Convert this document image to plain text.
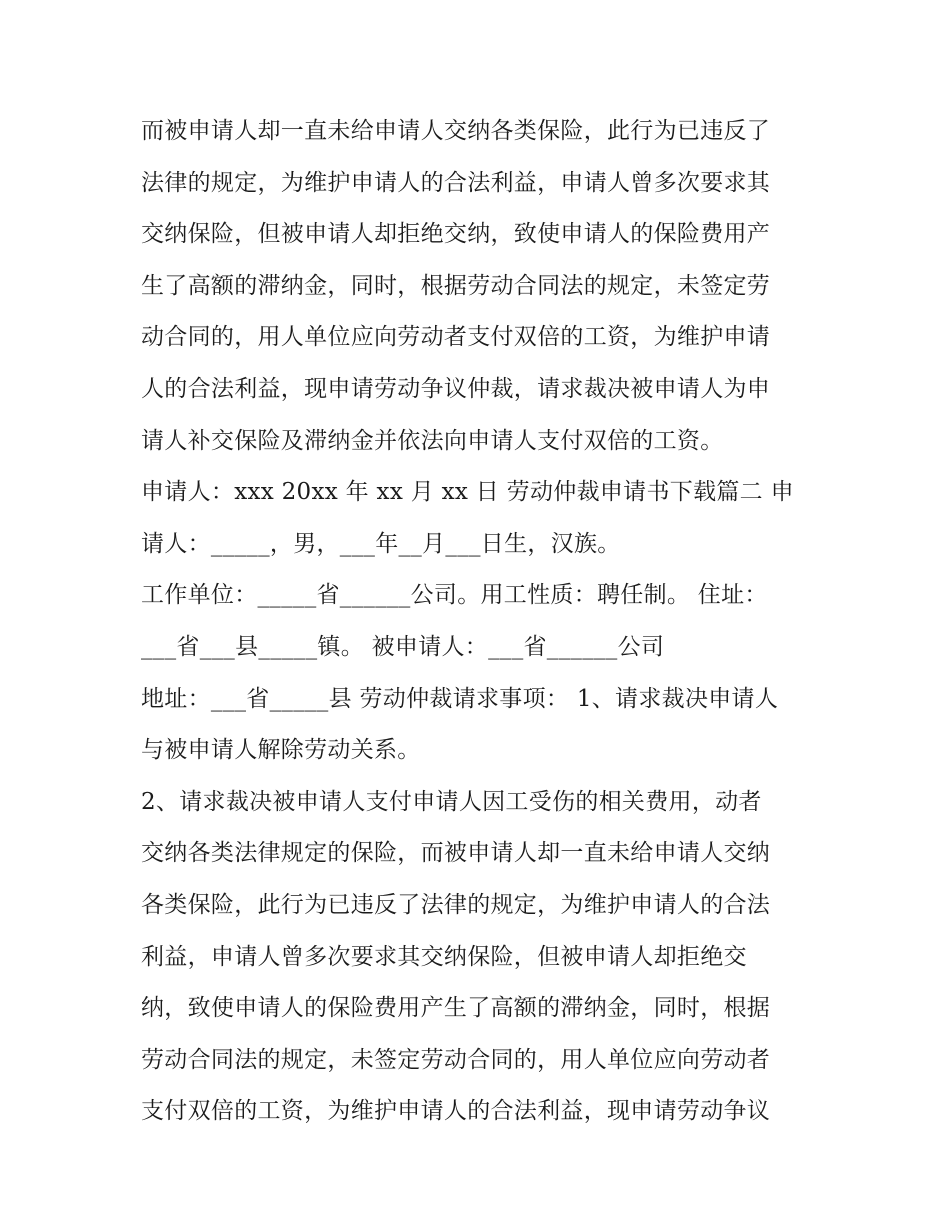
而被申请人却一直未给申请人交纳各类保险，此行为已违反了
法律的规定，为维护申请人的合法利益，申请人曾多次要求其
交纳保险，但被申请人却拒绝交纳，致使申请人的保险费用产
生了高额的滞纳金，同时，根据劳动合同法的规定，未签定劳
动合同的，用人单位应向劳动者支付双倍的工资，为维护申请
人的合法利益，现申请劳动争议仲裁，请求裁决被申请人为申
请人补交保险及滞纳金并依法向申请人支付双倍的工资。
申请人：xxx 20xx 年 xx 月 xx 日 劳动仲裁申请书下载篇二 申
请人：_____，男，___年__月___日生，汉族。
工作单位：_____省______公司。用工性质：聘任制。 住址：
___省___县_____镇。 被申请人：___省______公司
地址：___省_____县 劳动仲裁请求事项： 1、请求裁决申请人
与被申请人解除劳动关系。
2、请求裁决被申请人支付申请人因工受伤的相关费用，动者
交纳各类法律规定的保险，而被申请人却一直未给申请人交纳
各类保险，此行为已违反了法律的规定，为维护申请人的合法
利益，申请人曾多次要求其交纳保险，但被申请人却拒绝交
纳，致使申请人的保险费用产生了高额的滞纳金，同时，根据
劳动合同法的规定，未签定劳动合同的，用人单位应向劳动者
支付双倍的工资，为维护申请人的合法利益，现申请劳动争议
